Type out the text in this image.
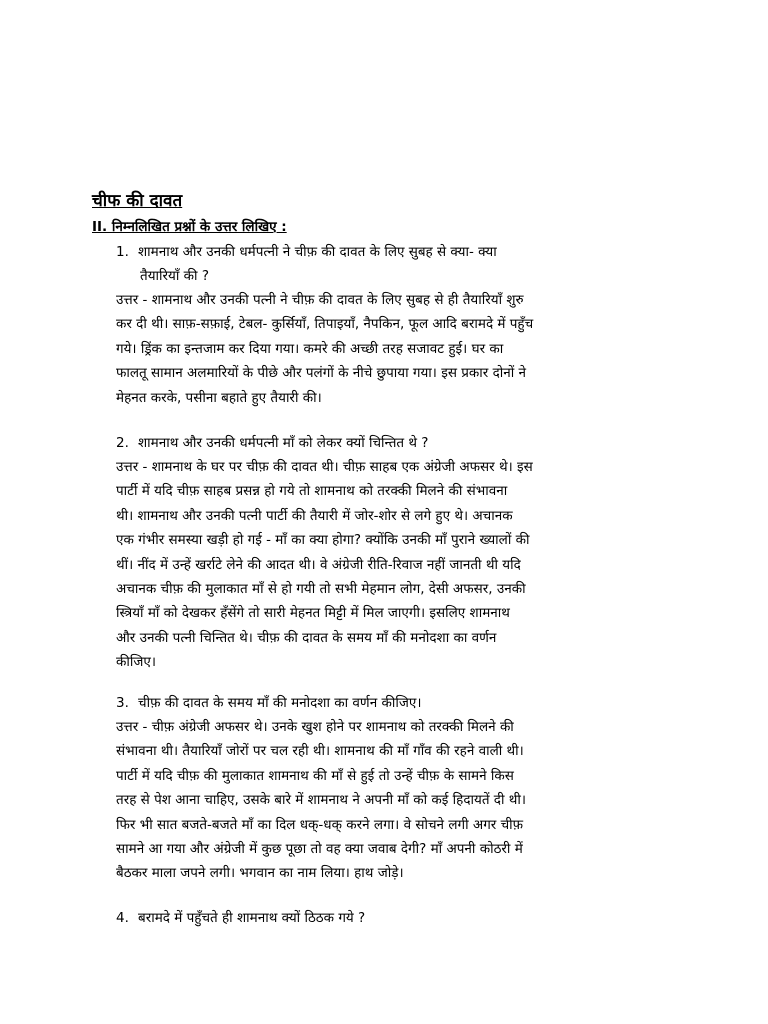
चीफ की दावत
II. निम्नलिखित प्रश्नों के उत्तर लिखिए :
1. शामनाथ और उनकी धर्मपत्नी ने चीफ़ की दावत के लिए सुबह से क्या- क्या
तैयारियाँ की ?
उत्तर - शामनाथ और उनकी पत्नी ने चीफ़ की दावत के लिए सुबह से ही तैयारियाँ शुरु
कर दी थी। साफ़-सफ़ाई, टेबल- कुर्सियाँ, तिपाइयाँ, नैपकिन, फूल आदि बरामदे में पहुँच
गये। ड्रिंक का इन्तजाम कर दिया गया। कमरे की अच्छी तरह सजावट हुई। घर का
फालतू सामान अलमारियों के पीछे और पलंगों के नीचे छुपाया गया। इस प्रकार दोनों ने
मेहनत करके, पसीना बहाते हुए तैयारी की।
2. शामनाथ और उनकी धर्मपत्नी माँ को लेकर क्यों चिन्तित थे ?
उत्तर - शामनाथ के घर पर चीफ़ की दावत थी। चीफ़ साहब एक अंग्रेजी अफसर थे। इस
पार्टी में यदि चीफ़ साहब प्रसन्न हो गये तो शामनाथ को तरक्की मिलने की संभावना
थी। शामनाथ और उनकी पत्नी पार्टी की तैयारी में जोर-शोर से लगे हुए थे। अचानक
एक गंभीर समस्या खड़ी हो गई - माँ का क्या होगा? क्योंकि उनकी माँ पुराने ख्यालों की
थीं। नींद में उन्हें खर्राटे लेने की आदत थी। वे अंग्रेजी रीति-रिवाज नहीं जानती थी यदि
अचानक चीफ़ की मुलाकात माँ से हो गयी तो सभी मेहमान लोग, देसी अफसर, उनकी
स्त्रियाँ माँ को देखकर हँसेंगे तो सारी मेहनत मिट्टी में मिल जाएगी। इसलिए शामनाथ
और उनकी पत्नी चिन्तित थे। चीफ़ की दावत के समय माँ की मनोदशा का वर्णन
कीजिए।
3. चीफ़ की दावत के समय माँ की मनोदशा का वर्णन कीजिए।
उत्तर - चीफ़ अंग्रेजी अफसर थे। उनके खुश होने पर शामनाथ को तरक्की मिलने की
संभावना थी। तैयारियाँ जोरों पर चल रही थी। शामनाथ की माँ गाँव की रहने वाली थी।
पार्टी में यदि चीफ़ की मुलाकात शामनाथ की माँ से हुई तो उन्हें चीफ़ के सामने किस
तरह से पेश आना चाहिए, उसके बारे में शामनाथ ने अपनी माँ को कई हिदायतें दी थी।
फिर भी सात बजते-बजते माँ का दिल धक्-धक् करने लगा। वे सोचने लगी अगर चीफ़
सामने आ गया और अंग्रेजी में कुछ पूछा तो वह क्या जवाब देगी? माँ अपनी कोठरी में
बैठकर माला जपने लगी। भगवान का नाम लिया। हाथ जोड़े।
4. बरामदे में पहुँचते ही शामनाथ क्यों ठिठक गये ?
